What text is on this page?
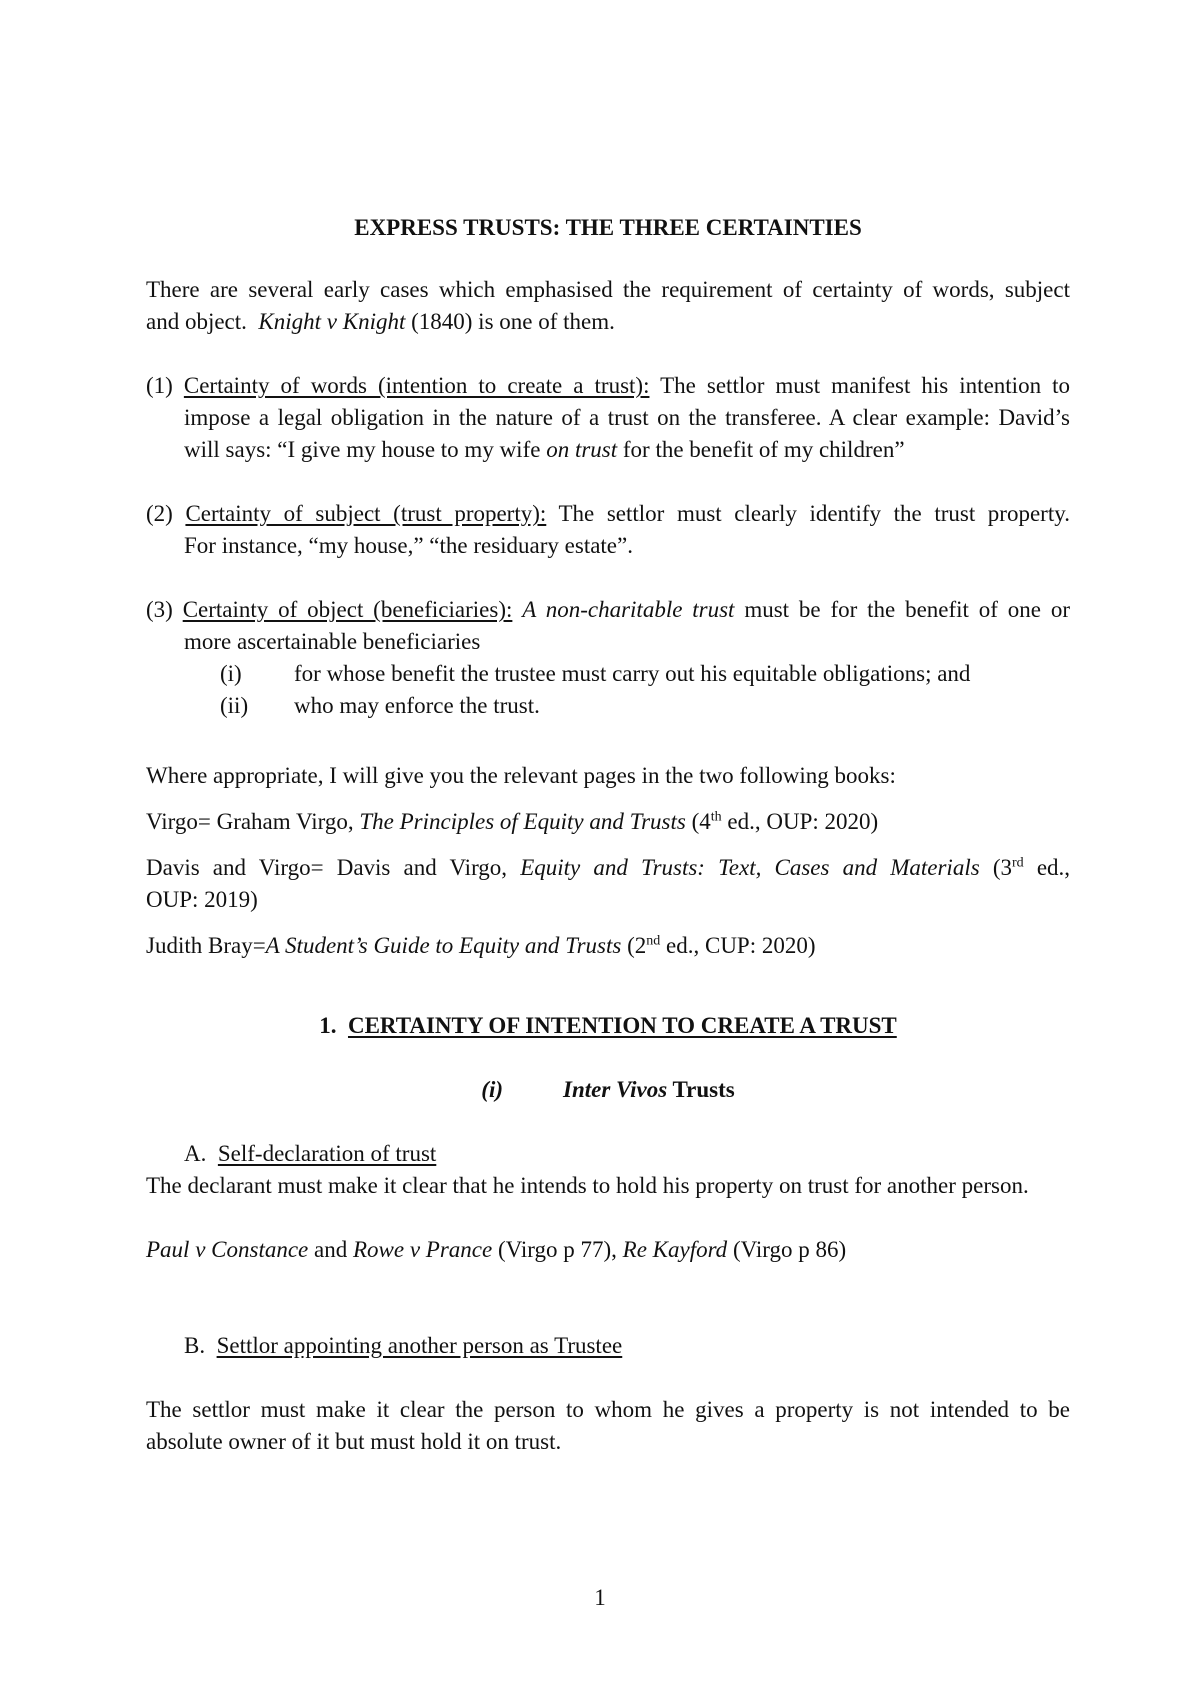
EXPRESS TRUSTS: THE THREE CERTAINTIES
There are several early cases which emphasised the requirement of certainty of words, subject
and object. Knight v Knight (1840) is one of them.
(1) Certainty of words (intention to create a trust): The settlor must manifest his intention to
impose a legal obligation in the nature of a trust on the transferee. A clear example: David’s
will says: “I give my house to my wife on trust for the benefit of my children”
(2) Certainty of subject (trust property): The settlor must clearly identify the trust property.
For instance, “my house,” “the residuary estate”.
(3) Certainty of object (beneficiaries): A non-charitable trust must be for the benefit of one or
more ascertainable beneficiaries
(i) for whose benefit the trustee must carry out his equitable obligations; and
(ii) who may enforce the trust.
Where appropriate, I will give you the relevant pages in the two following books:
Virgo= Graham Virgo, The Principles of Equity and Trusts (4th ed., OUP: 2020)
Davis and Virgo= Davis and Virgo, Equity and Trusts: Text, Cases and Materials (3rd ed.,
OUP: 2019)
Judith Bray=A Student’s Guide to Equity and Trusts (2nd ed., CUP: 2020)
1. CERTAINTY OF INTENTION TO CREATE A TRUST
(i)	Inter Vivos Trusts
A. Self-declaration of trust
The declarant must make it clear that he intends to hold his property on trust for another person.
Paul v Constance and Rowe v Prance (Virgo p 77), Re Kayford (Virgo p 86)
B. Settlor appointing another person as Trustee
The settlor must make it clear the person to whom he gives a property is not intended to be
absolute owner of it but must hold it on trust.
1
